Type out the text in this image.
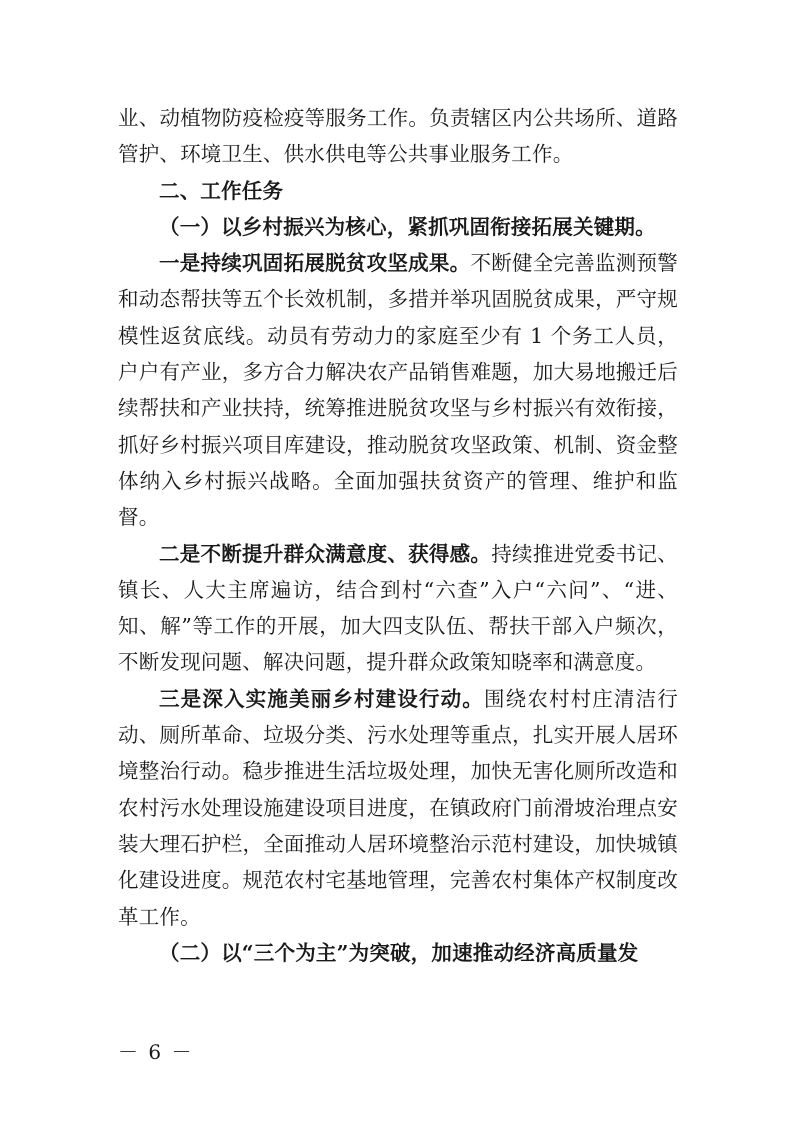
业、动植物防疫检疫等服务工作。负责辖区内公共场所、道路管护、环境卫生、供水供电等公共事业服务工作。

二、工作任务

（一）以乡村振兴为核心，紧抓巩固衔接拓展关键期。

一是持续巩固拓展脱贫攻坚成果。不断健全完善监测预警和动态帮扶等五个长效机制，多措并举巩固脱贫成果，严守规模性返贫底线。动员有劳动力的家庭至少有 1 个务工人员，户户有产业，多方合力解决农产品销售难题，加大易地搬迁后续帮扶和产业扶持，统筹推进脱贫攻坚与乡村振兴有效衔接，抓好乡村振兴项目库建设，推动脱贫攻坚政策、机制、资金整体纳入乡村振兴战略。全面加强扶贫资产的管理、维护和监督。

二是不断提升群众满意度、获得感。持续推进党委书记、镇长、人大主席遍访，结合到村“六查”入户“六问”、“进、知、解”等工作的开展，加大四支队伍、帮扶干部入户频次，不断发现问题、解决问题，提升群众政策知晓率和满意度。

三是深入实施美丽乡村建设行动。围绕农村村庄清洁行动、厕所革命、垃圾分类、污水处理等重点，扎实开展人居环境整治行动。稳步推进生活垃圾处理，加快无害化厕所改造和农村污水处理设施建设项目进度，在镇政府门前滑坡治理点安装大理石护栏，全面推动人居环境整治示范村建设，加快城镇化建设进度。规范农村宅基地管理，完善农村集体产权制度改革工作。

（二）以“三个为主”为突破，加速推动经济高质量发

－ 6 －
